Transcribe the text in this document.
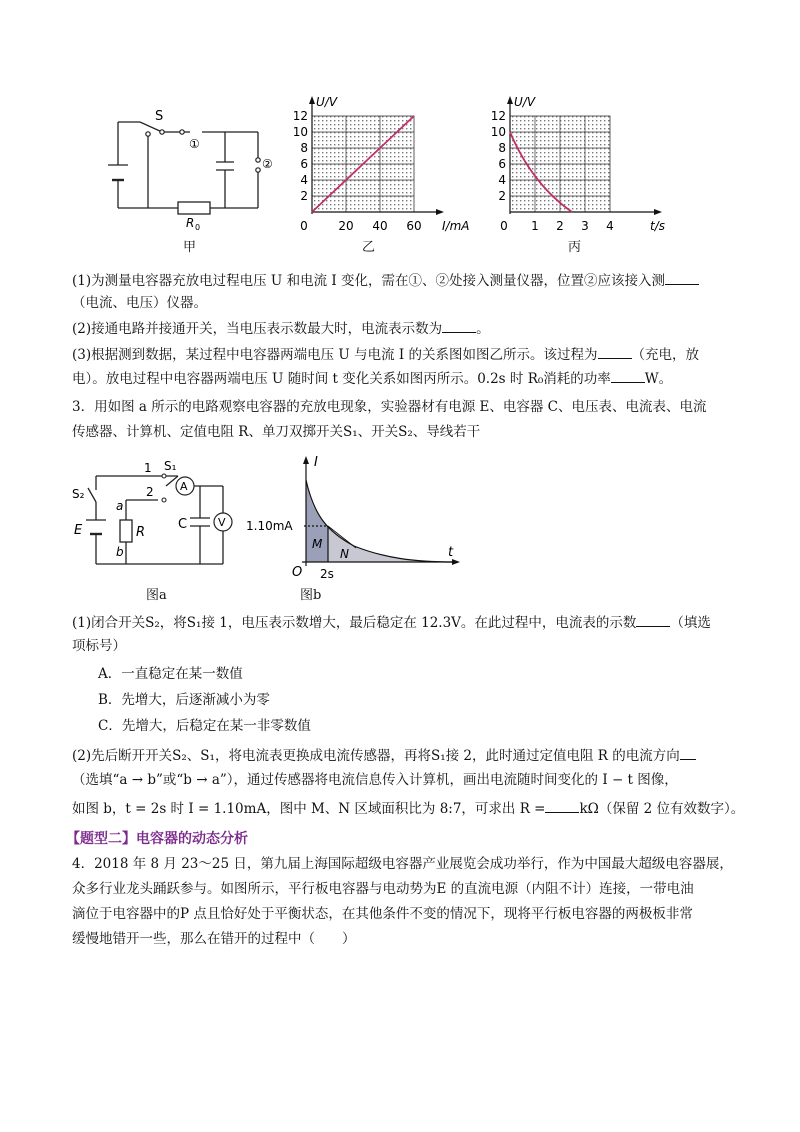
S
①
②
R 0
甲
U/V
I/mA
2
4
6
8
10
12
0	20 40 60
乙
U/V
t/s
2
4
6
8
10
12
0 1 2 3 4
丙
(1)为测量电容器充放电过程电压 U 和电流 I 变化，需在①、②处接入测量仪器，位置②应该接入测
（电流、电压）仪器。
(2)接通电路并接通开关，当电压表示数最大时，电流表示数为	。
(3)根据测到数据，某过程中电容器两端电压 U 与电流 I 的关系图如图乙所示。该过程为	（充电，放
电）。放电过程中电容器两端电压 U 随时间 t 变化关系如图丙所示。0.2s 时 R₀消耗的功率	W。
3．用如图 a 所示的电路观察电容器的充放电现象，实验器材有电源 E、电容器 C、电压表、电流表、电流
传感器、计算机、定值电阻 R、单刀双掷开关S₁、开关S₂、导线若干
1
2
S₁
S₂
a
b
E	R
C
A
V
图a
I
t
O
1.10mA
2s
M
N
图b
(1)闭合开关S₂，将S₁接 1，电压表示数增大，最后稳定在 12.3V。在此过程中，电流表的示数	（填选
项标号）
A．一直稳定在某一数值
B．先增大，后逐渐减小为零
C．先增大，后稳定在某一非零数值
(2)先后断开开关S₂、S₁，将电流表更换成电流传感器，再将S₁接 2，此时通过定值电阻 R 的电流方向
（选填“a → b”或“b → a”），通过传感器将电流信息传入计算机，画出电流随时间变化的 I − t 图像，
如图 b，t = 2s 时 I = 1.10mA，图中 M、N 区域面积比为 8:7，可求出 R =	kΩ（保留 2 位有效数字）。
【题型二】电容器的动态分析
4．2018 年 8 月 23～25 日，第九届上海国际超级电容器产业展览会成功举行，作为中国最大超级电容器展，
众多行业龙头踊跃参与。如图所示，平行板电容器与电动势为E 的直流电源（内阻不计）连接，一带电油
滴位于电容器中的P 点且恰好处于平衡状态，在其他条件不变的情况下，现将平行板电容器的两极板非常
缓慢地错开一些，那么在错开的过程中（　　）
